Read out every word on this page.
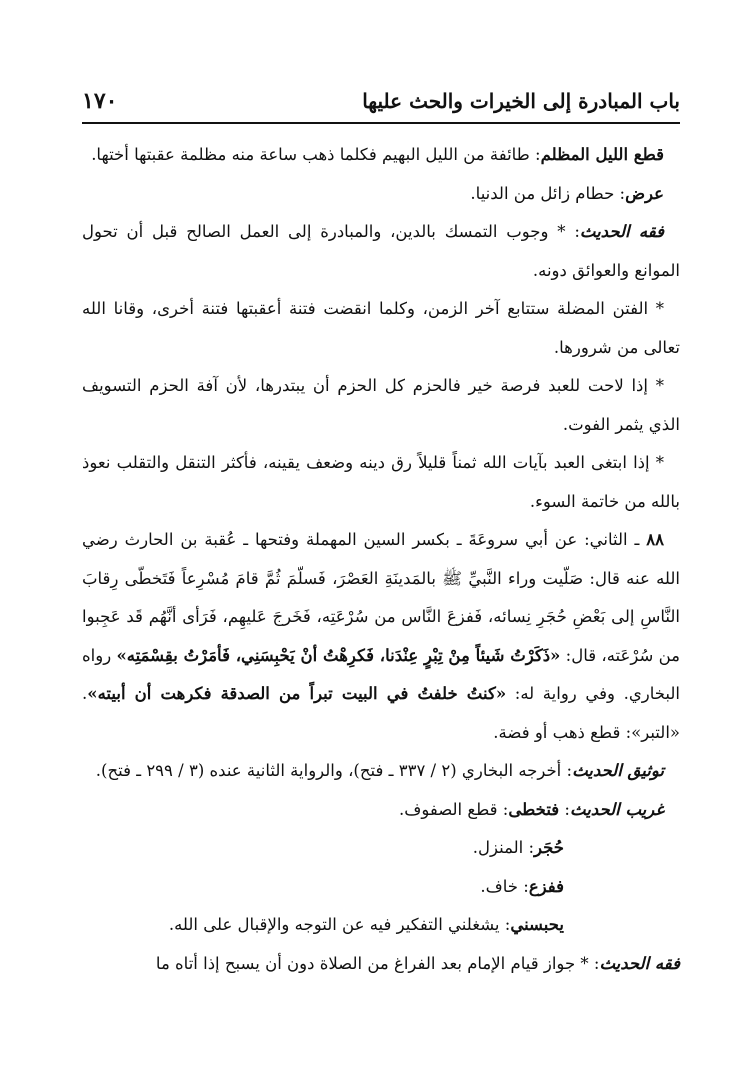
باب المبادرة إلى الخيرات والحث عليها
١٧٠

قطع الليل المظلم: طائفة من الليل البهيم فكلما ذهب ساعة منه مظلمة عقبتها أختها.

عرض: حطام زائل من الدنيا.

فقه الحديث: * وجوب التمسك بالدين، والمبادرة إلى العمل الصالح قبل أن تحول الموانع والعوائق دونه.

* الفتن المضلة ستتابع آخر الزمن، وكلما انقضت فتنة أعقبتها فتنة أخرى، وقانا الله تعالى من شرورها.

* إذا لاحت للعبد فرصة خير فالحزم كل الحزم أن يبتدرها، لأن آفة الحزم التسويف الذي يثمر الفوت.

* إذا ابتغى العبد بآيات الله ثمناً قليلاً رق دينه وضعف يقينه، فأكثر التنقل والتقلب نعوذ بالله من خاتمة السوء.

٨٨ ـ الثاني: عن أبي سروعَةَ ـ بكسر السين المهملة وفتحها ـ عُقبة بن الحارث رضي الله عنه قال: صَلّيت وراء النَّبيِّ ﷺ بالمَدينَةِ العَصْرَ، فَسلّمَ ثُمَّ قامَ مُسْرِعاً فَتَخطّى رِقابَ النَّاسِ إلى بَعْضِ حُجَرِ نِسائه، فَفزعَ النَّاس من سُرْعَتِه، فَخَرجَ عَليهِم، فَرَأى أنَّهُم قَد عَجِبوا من سُرْعَته، قال: «ذَكَرْتُ شَيئاً مِنْ تِبْرٍ عِنْدَنا، فَكرِهْتُ أنْ يَحْبِسَنِي، فَأمَرْتُ بقِسْمَتِه» رواه البخاري. وفي رواية له: «كنتُ خلفتُ في البيت تبراً من الصدقة فكرهت أن أبيته». «التبر»: قطع ذهب أو فضة.

توثيق الحديث: أخرجه البخاري (٢ / ٣٣٧ ـ فتح)، والرواية الثانية عنده (٣ / ٢٩٩ ـ فتح).

غريب الحديث: فتخطى: قطع الصفوف.

حُجَر: المنزل.

ففزع: خاف.

يحبسني: يشغلني التفكير فيه عن التوجه والإقبال على الله.

فقه الحديث: * جواز قيام الإمام بعد الفراغ من الصلاة دون أن يسبح إذا أتاه ما
